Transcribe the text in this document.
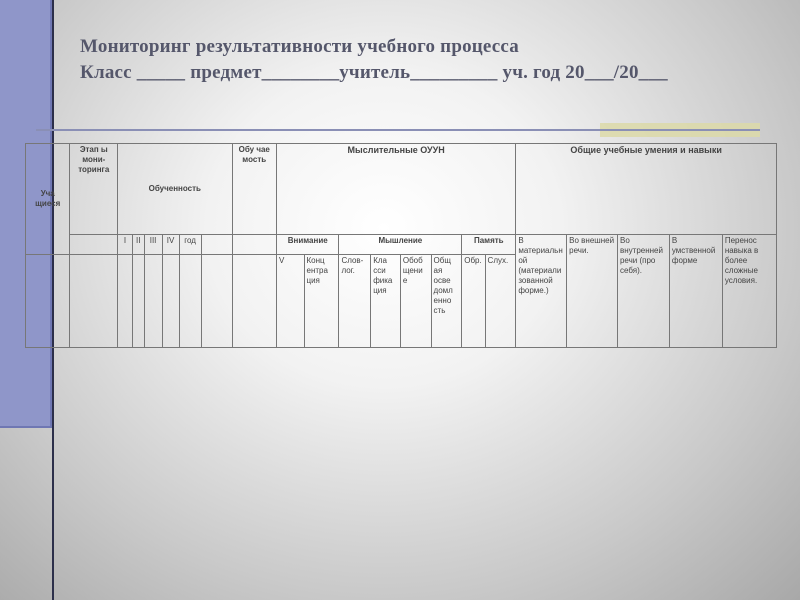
Мониторинг результативности учебного процесса
Класс _____ предмет________учитель_________ уч. год 20___/20___
Уча щиеся	Этап ы мони- торинга	Обученность						Обу чае мость	Мыслительные ОУУН								Общие учебные умения и навыки				
		I	II	III	IV	год			Внимание		Мышление				Память		В материальной (материализованной форме.)	Во внешней речи.	Во внутренней речи (про себя).	В умственной форме	Перенос навыка в более сложные условия.
									V	Конц ентра ция	Слов- лог.	Кла сси фика ция	Обоб щени е	Общ ая осве домл енно сть	Обр.	Слух.					
